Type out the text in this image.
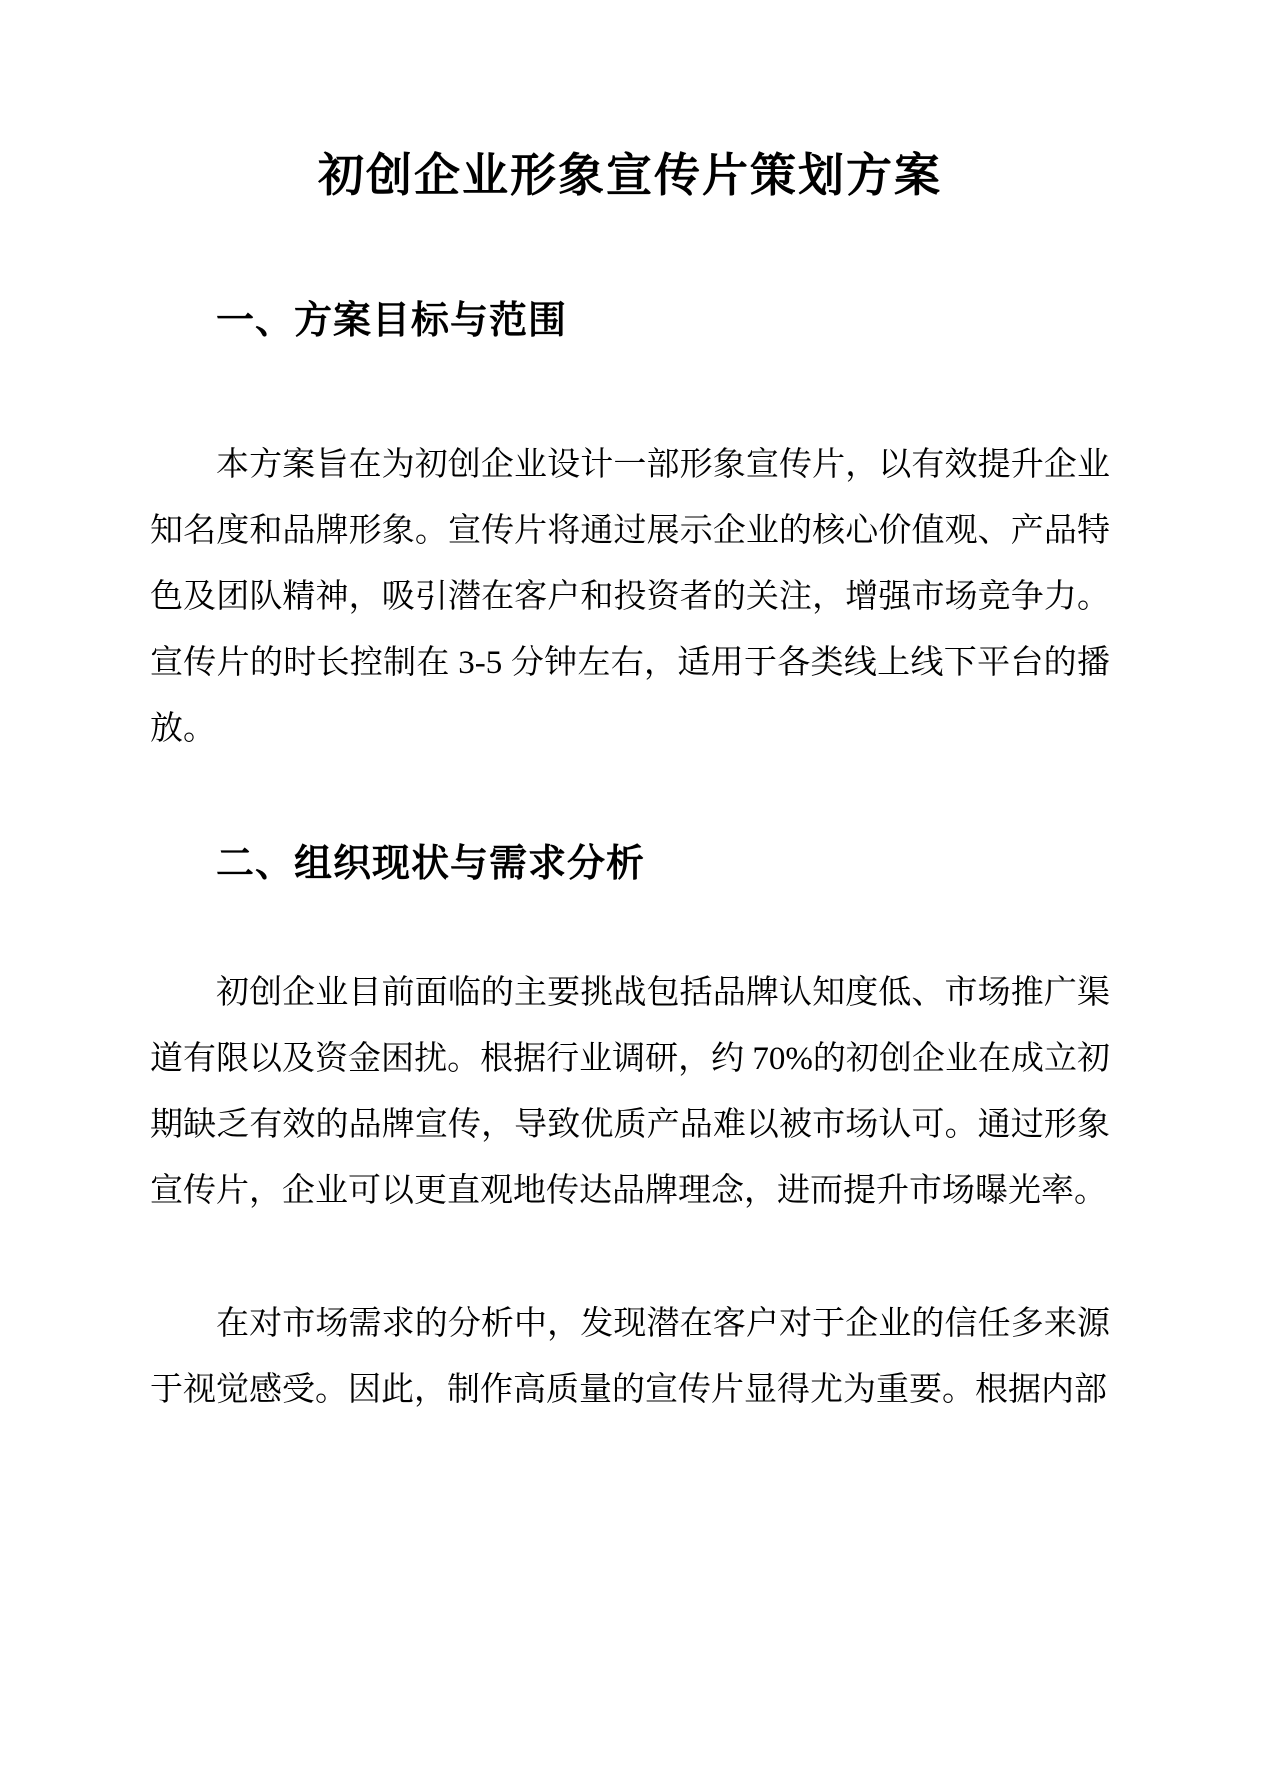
初创企业形象宣传片策划方案
一、方案目标与范围

本方案旨在为初创企业设计一部形象宣传片，以有效提升企业知名度和品牌形象。宣传片将通过展示企业的核心价值观、产品特色及团队精神，吸引潜在客户和投资者的关注，增强市场竞争力。宣传片的时长控制在 3-5 分钟左右，适用于各类线上线下平台的播放。

二、组织现状与需求分析

初创企业目前面临的主要挑战包括品牌认知度低、市场推广渠道有限以及资金困扰。根据行业调研，约 70%的初创企业在成立初期缺乏有效的品牌宣传，导致优质产品难以被市场认可。通过形象宣传片，企业可以更直观地传达品牌理念，进而提升市场曝光率。

在对市场需求的分析中，发现潜在客户对于企业的信任多来源于视觉感受。因此，制作高质量的宣传片显得尤为重要。根据内部
